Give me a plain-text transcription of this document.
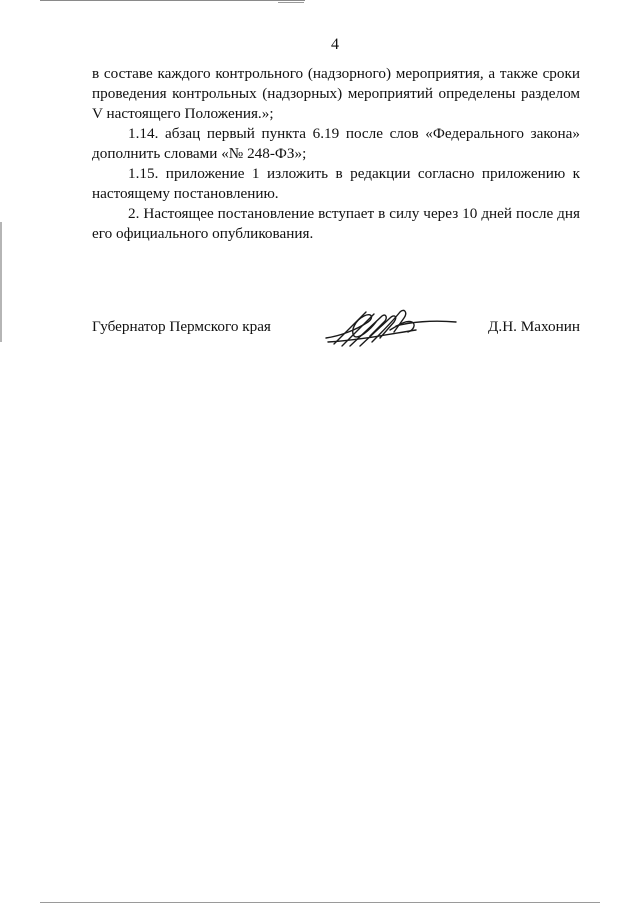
4

в составе каждого контрольного (надзорного) мероприятия, а также сроки проведения контрольных (надзорных) мероприятий определены разделом V настоящего Положения.»;

1.14. абзац первый пункта 6.19 после слов «Федерального закона» дополнить словами «№ 248-ФЗ»;

1.15. приложение 1 изложить в редакции согласно приложению к настоящему постановлению.

2. Настоящее постановление вступает в силу через 10 дней после дня его официального опубликования.

Губернатор Пермского края	Д.Н. Махонин
